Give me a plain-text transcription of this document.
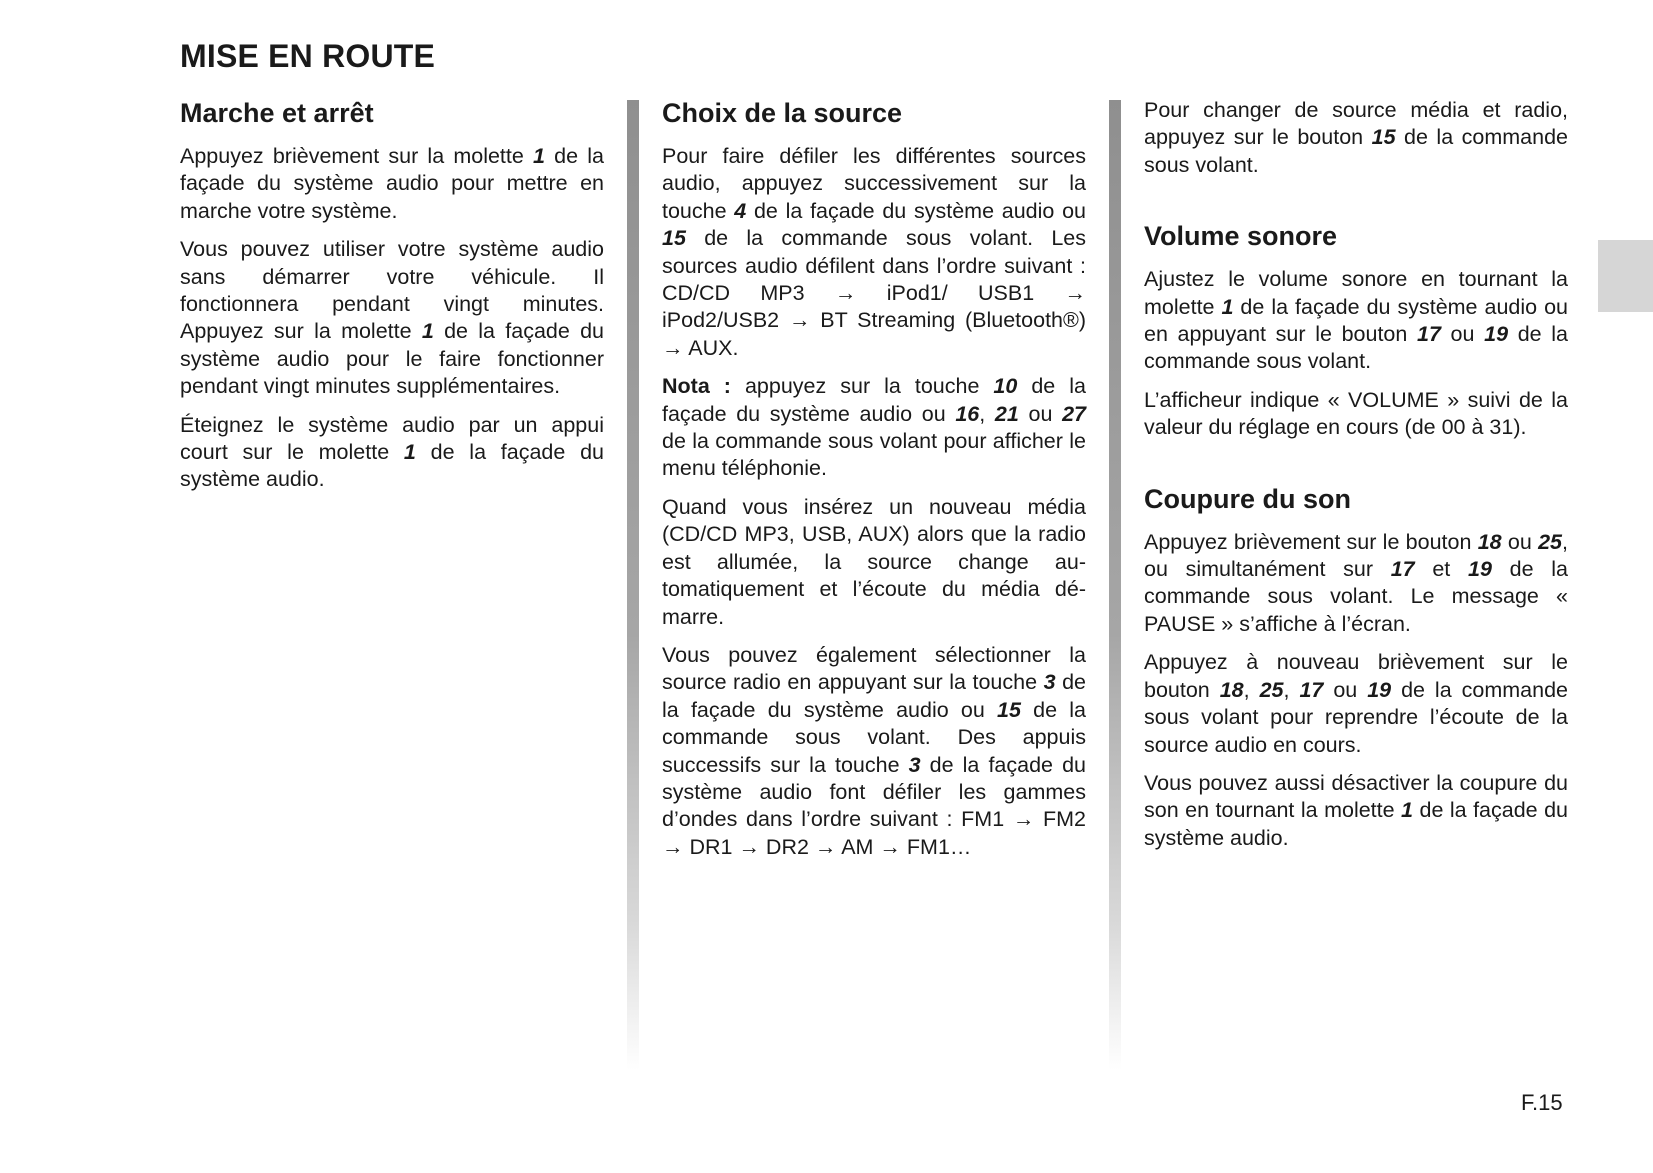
MISE EN ROUTE
Marche et arrêt

Appuyez brièvement sur la molette 1 de la façade du système audio pour mettre en marche votre système.

Vous pouvez utiliser votre système audio sans démarrer votre véhicule. Il fonctionnera pendant vingt minutes. Appuyez sur la molette 1 de la façade du système audio pour le faire fonctionner pendant vingt minutes supplémentaires.

Éteignez le système audio par un appui court sur le molette 1 de la façade du système audio.

Choix de la source

Pour faire défiler les différentes sources audio, appuyez successivement sur la touche 4 de la façade du système audio ou 15 de la commande sous volant. Les sources audio défilent dans l’ordre suivant : CD/CD MP3 → iPod1/ USB1 → iPod2/USB2 → BT Streaming (Bluetooth®) → AUX.

Nota : appuyez sur la touche 10 de la façade du système audio ou 16, 21 ou 27 de la commande sous volant pour afficher le menu téléphonie.

Quand vous insérez un nouveau média (CD/CD MP3, USB, AUX) alors que la radio est allumée, la source change automatiquement et l’écoute du média démarre.

Vous pouvez également sélectionner la source radio en appuyant sur la touche 3 de la façade du système audio ou 15 de la commande sous volant. Des appuis successifs sur la touche 3 de la façade du système audio font défiler les gammes d’ondes dans l’ordre suivant : FM1 → FM2 → DR1 → DR2 → AM → FM1…

Pour changer de source média et radio, appuyez sur le bouton 15 de la commande sous volant.

Volume sonore

Ajustez le volume sonore en tournant la molette 1 de la façade du système audio ou en appuyant sur le bouton 17 ou 19 de la commande sous volant.

L’afficheur indique « VOLUME » suivi de la valeur du réglage en cours (de 00 à 31).

Coupure du son

Appuyez brièvement sur le bouton 18 ou 25, ou simultanément sur 17 et 19 de la commande sous volant. Le message « PAUSE » s’affiche à l’écran.

Appuyez à nouveau brièvement sur le bouton 18, 25, 17 ou 19 de la commande sous volant pour reprendre l’écoute de la source audio en cours.

Vous pouvez aussi désactiver la coupure du son en tournant la molette 1 de la façade du système audio.

F.15
